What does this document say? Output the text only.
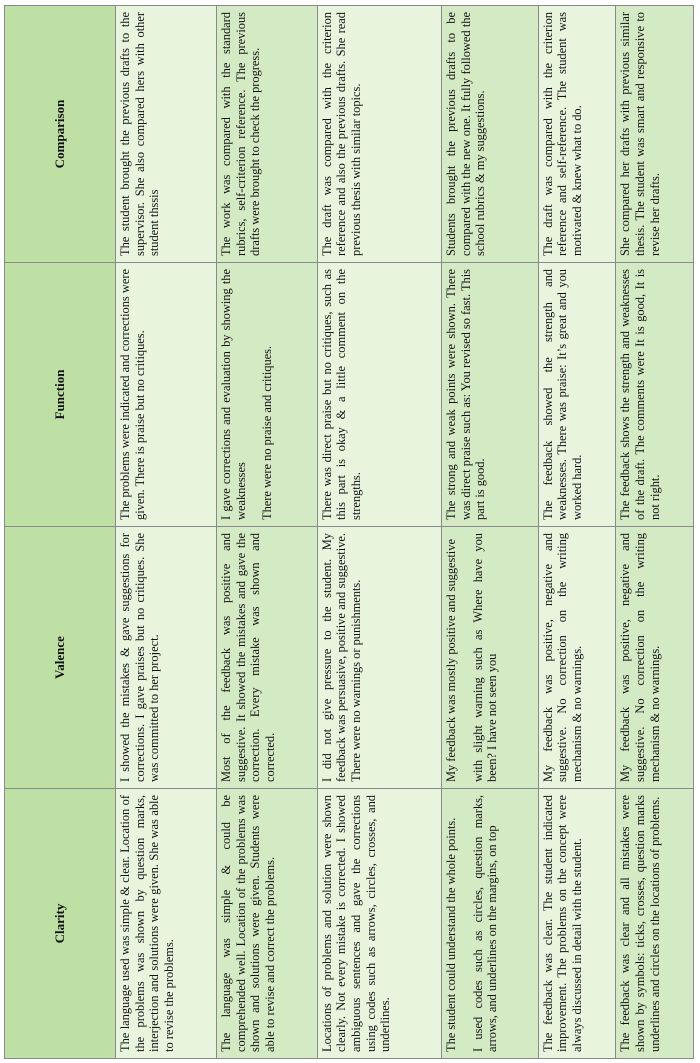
Clarity	Valence	Function	Comparison
The language used was simple & clear. Location of the problems was shown by question marks, interjection and solutions were given. She was able to revise the problems.	I showed the mistakes & gave suggestions for corrections. I gave praises but no critiques. She was committed to her project.	The problems were indicated and corrections were given. There is praise but no critiques.	The student brought the previous drafts to the supervisor. She also compared hers with other student thssis
The language was simple & could be comprehended well. Location of the problems was shown and solutions were given. Students were able to revise and correct the problems.	Most of the feedback was positive and suggestive. It showed the mistakes and gave the correction. Every mistake was shown and corrected.	I gave corrections and evaluation by showing the weaknesses There were no praise and critiques.	The work was compared with the standard rubrics, self-criterion reference. The previous drafts were brought to check the progress.
Locations of problems and solution were shown clearly. Not every mistake is corrected. I showed ambiguous sentences and gave the corrections using codes such as arrows, circles, crosses, and underlines.	I did not give pressure to the student. My feedback was persuasive, positive and suggestive. There were no warnings or punishments.	There was direct praise but no critiques, such as this part is okay & a little comment on the strengths.	The draft was compared with the criterion reference and also the previous drafts. She read previous thesis with similar topics.

The student could understand the whole points. I used codes such as circles, question marks, arrows, and underlines on the margins, on top	My feedback was mostly positive and suggestive with slight warning such as Where have you been? I have not seen you	The strong and weak points were shown. There was direct praise such as: You revised so fast. This part is good.	Students brought the previous drafts to be compared with the new one. It fully followed the school rubrics & my suggestions.
The feedback was clear. The student indicated improvement. The problems on the concept were always discussed in detail with the student.	My feedback was positive, negative and suggestive. No correction on the writing mechanism & no warnings.	The feedback showed the strength and weaknesses. There was praise: It’s great and you worked hard.	The draft was compared with the criterion reference and self-reference. The student was motivated & knew what to do.
The feedback was clear and all mistakes were shown by symbols: ticks, crosses, question marks underlines and circles on the locations of problems.	My feedback was positive, negative and suggestive. No correction on the writing mechanism & no warnings.	The feedback shows the strength and weaknesses of the draft. The comments were It is good, It is not right.	She compared her drafts with previous similar thesis. The student was smart and responsive to revise her drafts.
